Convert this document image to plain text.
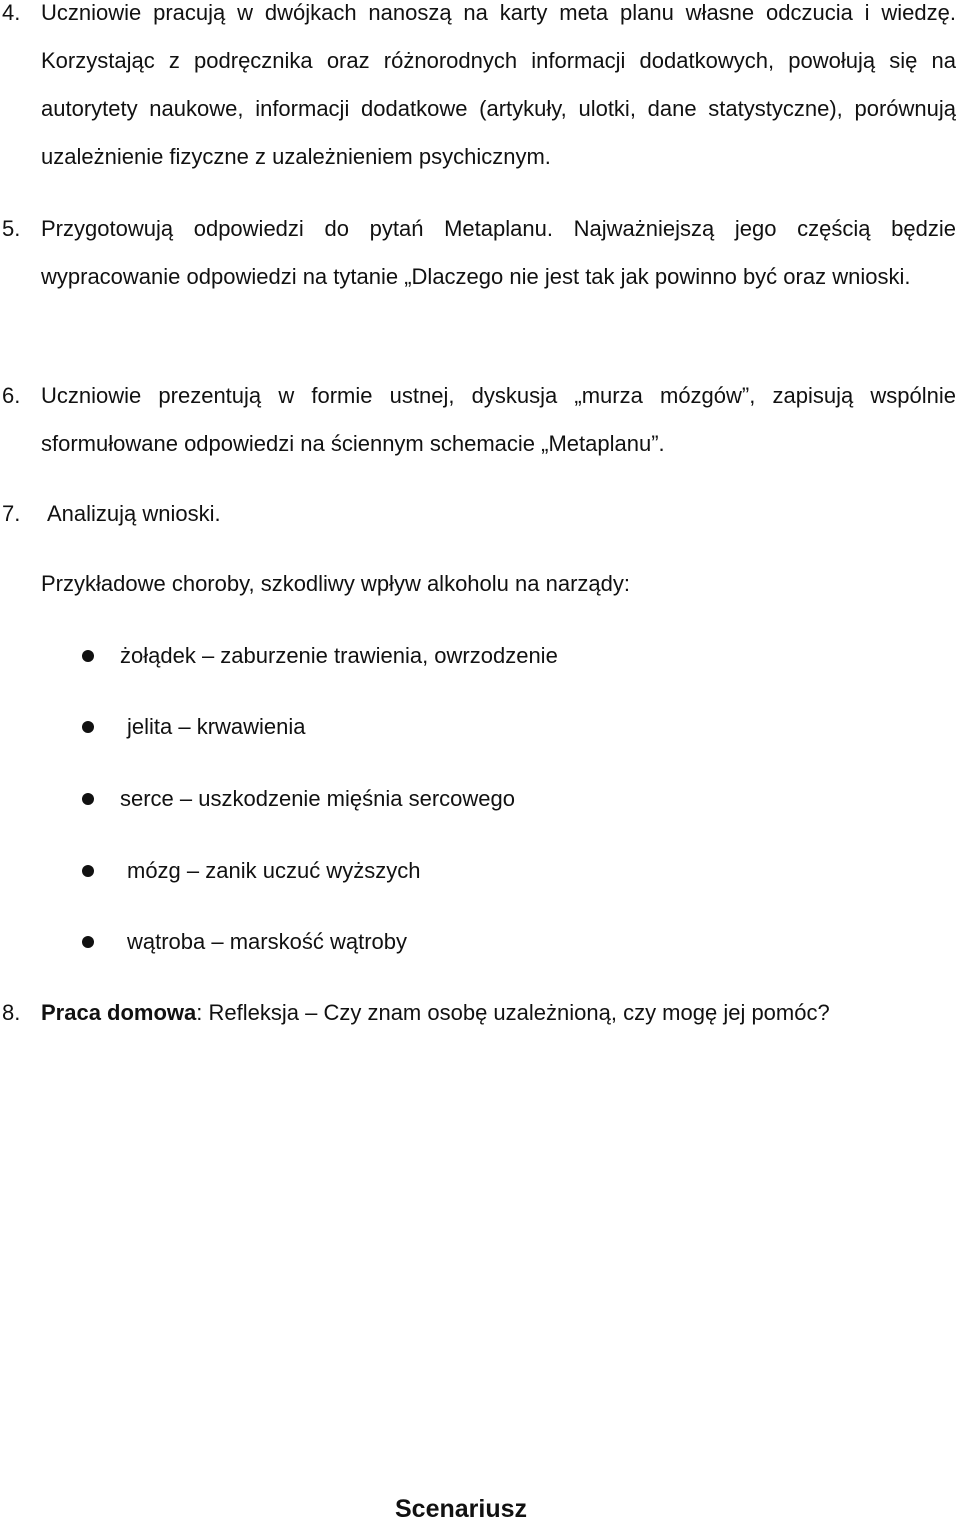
4. Uczniowie pracują w dwójkach nanoszą na karty meta planu własne odczucia i wiedzę. Korzystając z podręcznika oraz różnorodnych informacji dodatkowych, powołują się na autorytety naukowe, informacji dodatkowe (artykuły, ulotki, dane statystyczne), porównują uzależnienie fizyczne z uzależnieniem psychicznym.
5. Przygotowują odpowiedzi do pytań Metaplanu. Najważniejszą jego częścią będzie wypracowanie odpowiedzi na tytanie „Dlaczego nie jest tak jak powinno być oraz wnioski.
6. Uczniowie prezentują w formie ustnej, dyskusja „murza mózgów”, zapisują wspólnie sformułowane odpowiedzi na ściennym schemacie „Metaplanu”.
7. Analizują wnioski.
Przykładowe choroby, szkodliwy wpływ alkoholu na narządy:
żołądek – zaburzenie trawienia, owrzodzenie
jelita – krwawienia
serce – uszkodzenie mięśnia sercowego
mózg – zanik uczuć wyższych
wątroba – marskość wątroby
8. Praca domowa: Refleksja – Czy znam osobę uzależnioną, czy mogę jej pomóc?
Scenariusz
